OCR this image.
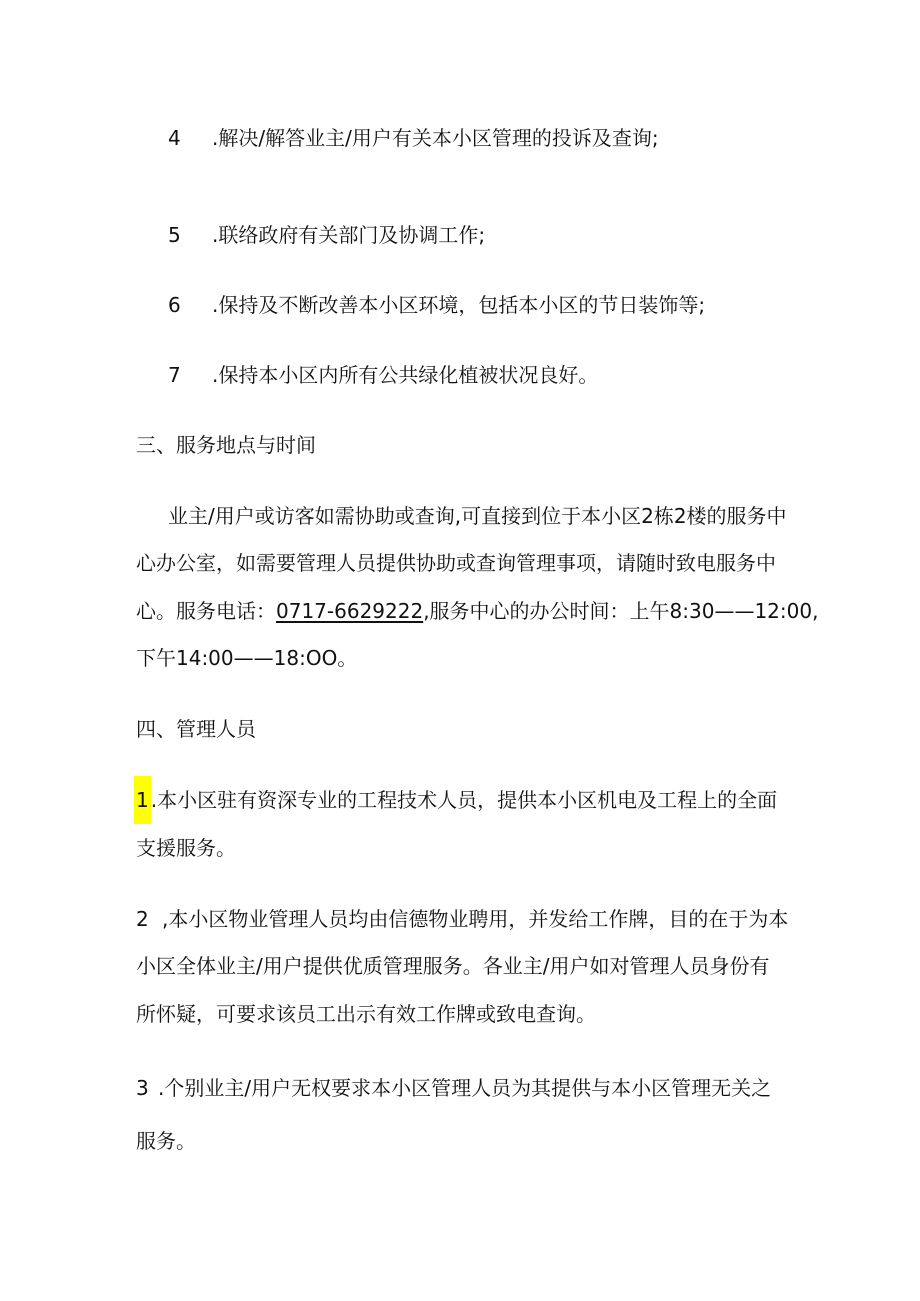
4 .解决/解答业主/用户有关本小区管理的投诉及查询;
5 .联络政府有关部门及协调工作;
6 .保持及不断改善本小区环境，包括本小区的节日装饰等;
7 .保持本小区内所有公共绿化植被状况良好。
三、服务地点与时间
业主/用户或访客如需协助或查询,可直接到位于本小区2栋2楼的服务中
心办公室，如需要管理人员提供协助或查询管理事项，请随时致电服务中
心。服务电话：0717-6629222,服务中心的办公时间：上午8:30——12:00,
下午14:00——18:OO。
四、管理人员
1 .本小区驻有资深专业的工程技术人员，提供本小区机电及工程上的全面
支援服务。
2 ,本小区物业管理人员均由信德物业聘用，并发给工作牌，目的在于为本
小区全体业主/用户提供优质管理服务。各业主/用户如对管理人员身份有
所怀疑，可要求该员工出示有效工作牌或致电查询。
3 .个别业主/用户无权要求本小区管理人员为其提供与本小区管理无关之
服务。
